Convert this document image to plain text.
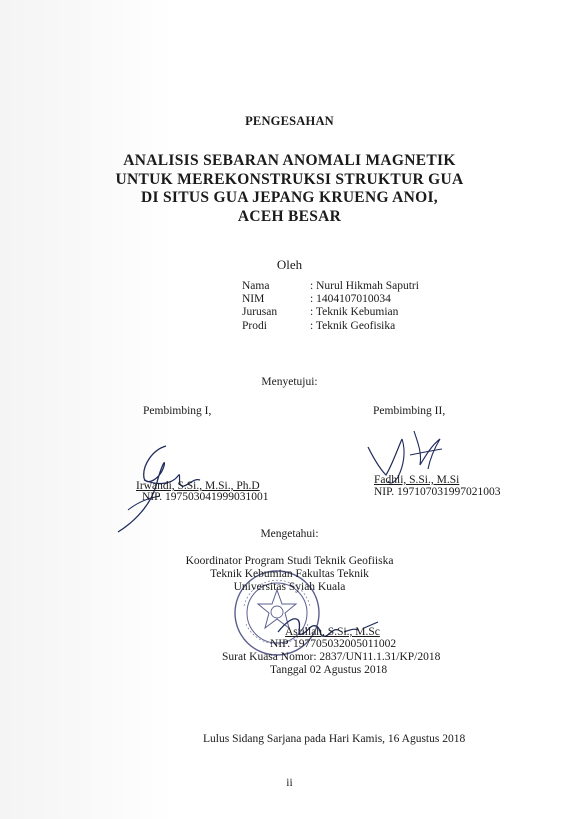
PENGESAHAN
ANALISIS SEBARAN ANOMALI MAGNETIK
UNTUK MEREKONSTRUKSI STRUKTUR GUA
DI SITUS GUA JEPANG KRUENG ANOI,
ACEH BESAR
Oleh
Nama	: Nurul Hikmah Saputri
NIM	: 1404107010034
Jurusan	: Teknik Kebumian
Prodi	: Teknik Geofisika
Menyetujui:
Pembimbing I,
Irwandi, S.Si., M.Si., Ph.D
NIP. 197503041999031001
Pembimbing II,
Fadhli, S.Si., M.Si
NIP. 197107031997021003
Mengetahui:
Koordinator Program Studi Teknik Geofiiska
Teknik Kebumian Fakultas Teknik
Universitas Syiah Kuala
Asrillah, S.Si., M.Sc
NIP. 197705032005011002
Surat Kuasa Nomor: 2837/UN11.1.31/KP/2018
Tanggal 02 Agustus 2018
Lulus Sidang Sarjana pada Hari Kamis, 16 Agustus 2018
ii
